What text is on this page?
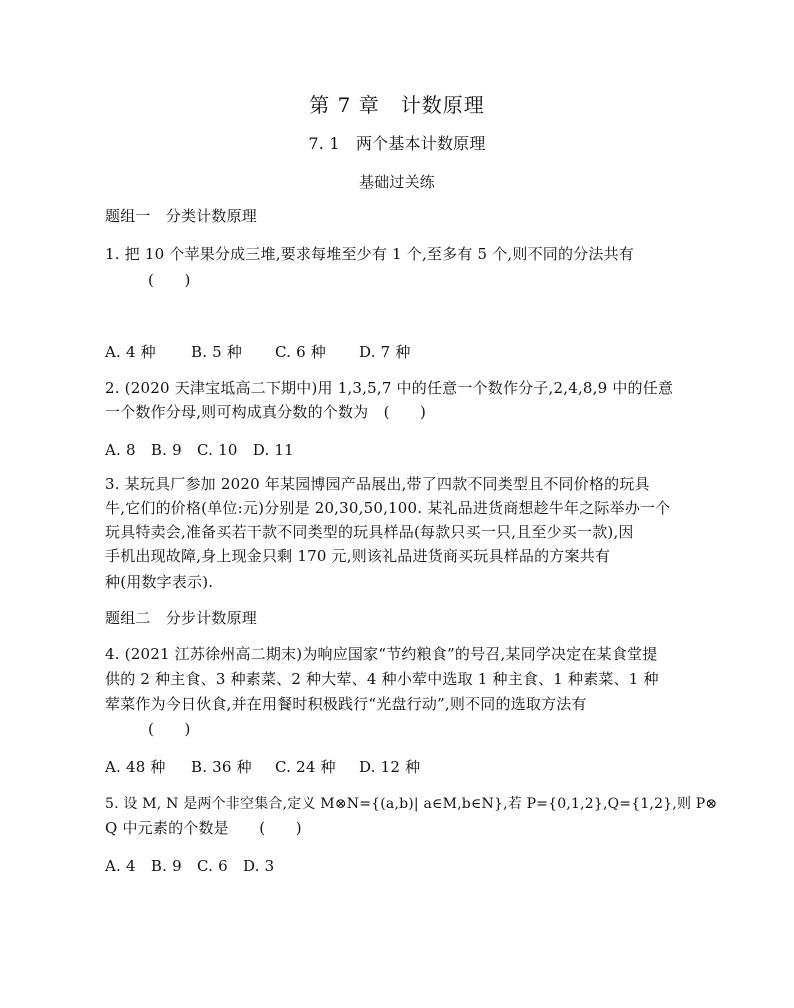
第 7 章　计数原理
7. 1　两个基本计数原理
基础过关练
题组一　分类计数原理
1. 把 10 个苹果分成三堆,要求每堆至少有 1 个,至多有 5 个,则不同的分法共有
(　　)
A. 4 种 B. 5 种 C. 6 种 D. 7 种
2. (2020 天津宝坻高二下期中)用 1,3,5,7 中的任意一个数作分子,2,4,8,9 中的任意
一个数作分母,则可构成真分数的个数为　(　　)
A. 8　B. 9　C. 10　D. 11
3. 某玩具厂参加 2020 年某园博园产品展出,带了四款不同类型且不同价格的玩具
牛,它们的价格(单位:元)分别是 20,30,50,100. 某礼品进货商想趁牛年之际举办一个
玩具特卖会,准备买若干款不同类型的玩具样品(每款只买一只,且至少买一款),因
手机出现故障,身上现金只剩 170 元,则该礼品进货商买玩具样品的方案共有
种(用数字表示).
题组二　分步计数原理
4. (2021 江苏徐州高二期末)为响应国家“节约粮食”的号召,某同学决定在某食堂提
供的 2 种主食、3 种素菜、2 种大荤、4 种小荤中选取 1 种主食、1 种素菜、1 种
荤菜作为今日伙食,并在用餐时积极践行“光盘行动”,则不同的选取方法有
(　　)
A. 48 种 B. 36 种 C. 24 种 D. 12 种
5. 设 M, N 是两个非空集合,定义 M⊗N={(a,b)| a∈M,b∈N},若 P={0,1,2},Q={1,2},则 P⊗
Q 中元素的个数是　　(　　)
A. 4　B. 9　C. 6　D. 3
